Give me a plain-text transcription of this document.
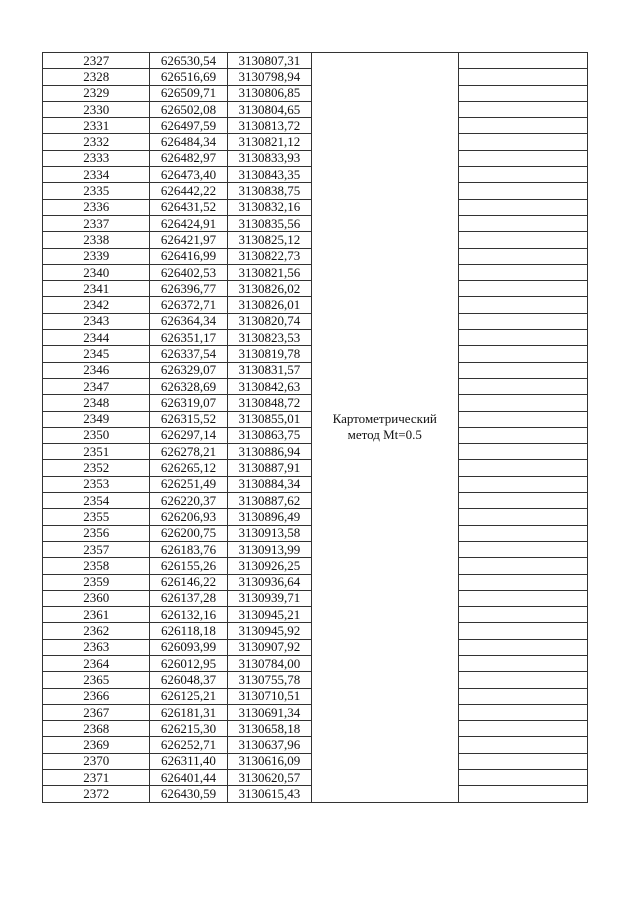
2327	626530,54	3130807,31	Картометрический
метод Mt=0.5	

2328	626516,69	3130798,94		
2329	626509,71	3130806,85		
2330	626502,08	3130804,65		
2331	626497,59	3130813,72		
2332	626484,34	3130821,12		
2333	626482,97	3130833,93		
2334	626473,40	3130843,35		
2335	626442,22	3130838,75		
2336	626431,52	3130832,16		
2337	626424,91	3130835,56		
2338	626421,97	3130825,12		
2339	626416,99	3130822,73		
2340	626402,53	3130821,56		
2341	626396,77	3130826,02		
2342	626372,71	3130826,01		
2343	626364,34	3130820,74		
2344	626351,17	3130823,53		
2345	626337,54	3130819,78		
2346	626329,07	3130831,57		
2347	626328,69	3130842,63		
2348	626319,07	3130848,72		
2349	626315,52	3130855,01		
2350	626297,14	3130863,75		
2351	626278,21	3130886,94		
2352	626265,12	3130887,91		
2353	626251,49	3130884,34		
2354	626220,37	3130887,62		
2355	626206,93	3130896,49		
2356	626200,75	3130913,58		
2357	626183,76	3130913,99		
2358	626155,26	3130926,25		
2359	626146,22	3130936,64		
2360	626137,28	3130939,71		
2361	626132,16	3130945,21		
2362	626118,18	3130945,92		
2363	626093,99	3130907,92		
2364	626012,95	3130784,00		
2365	626048,37	3130755,78		
2366	626125,21	3130710,51		
2367	626181,31	3130691,34		
2368	626215,30	3130658,18		
2369	626252,71	3130637,96		
2370	626311,40	3130616,09		
2371	626401,44	3130620,57		
2372	626430,59	3130615,43		
